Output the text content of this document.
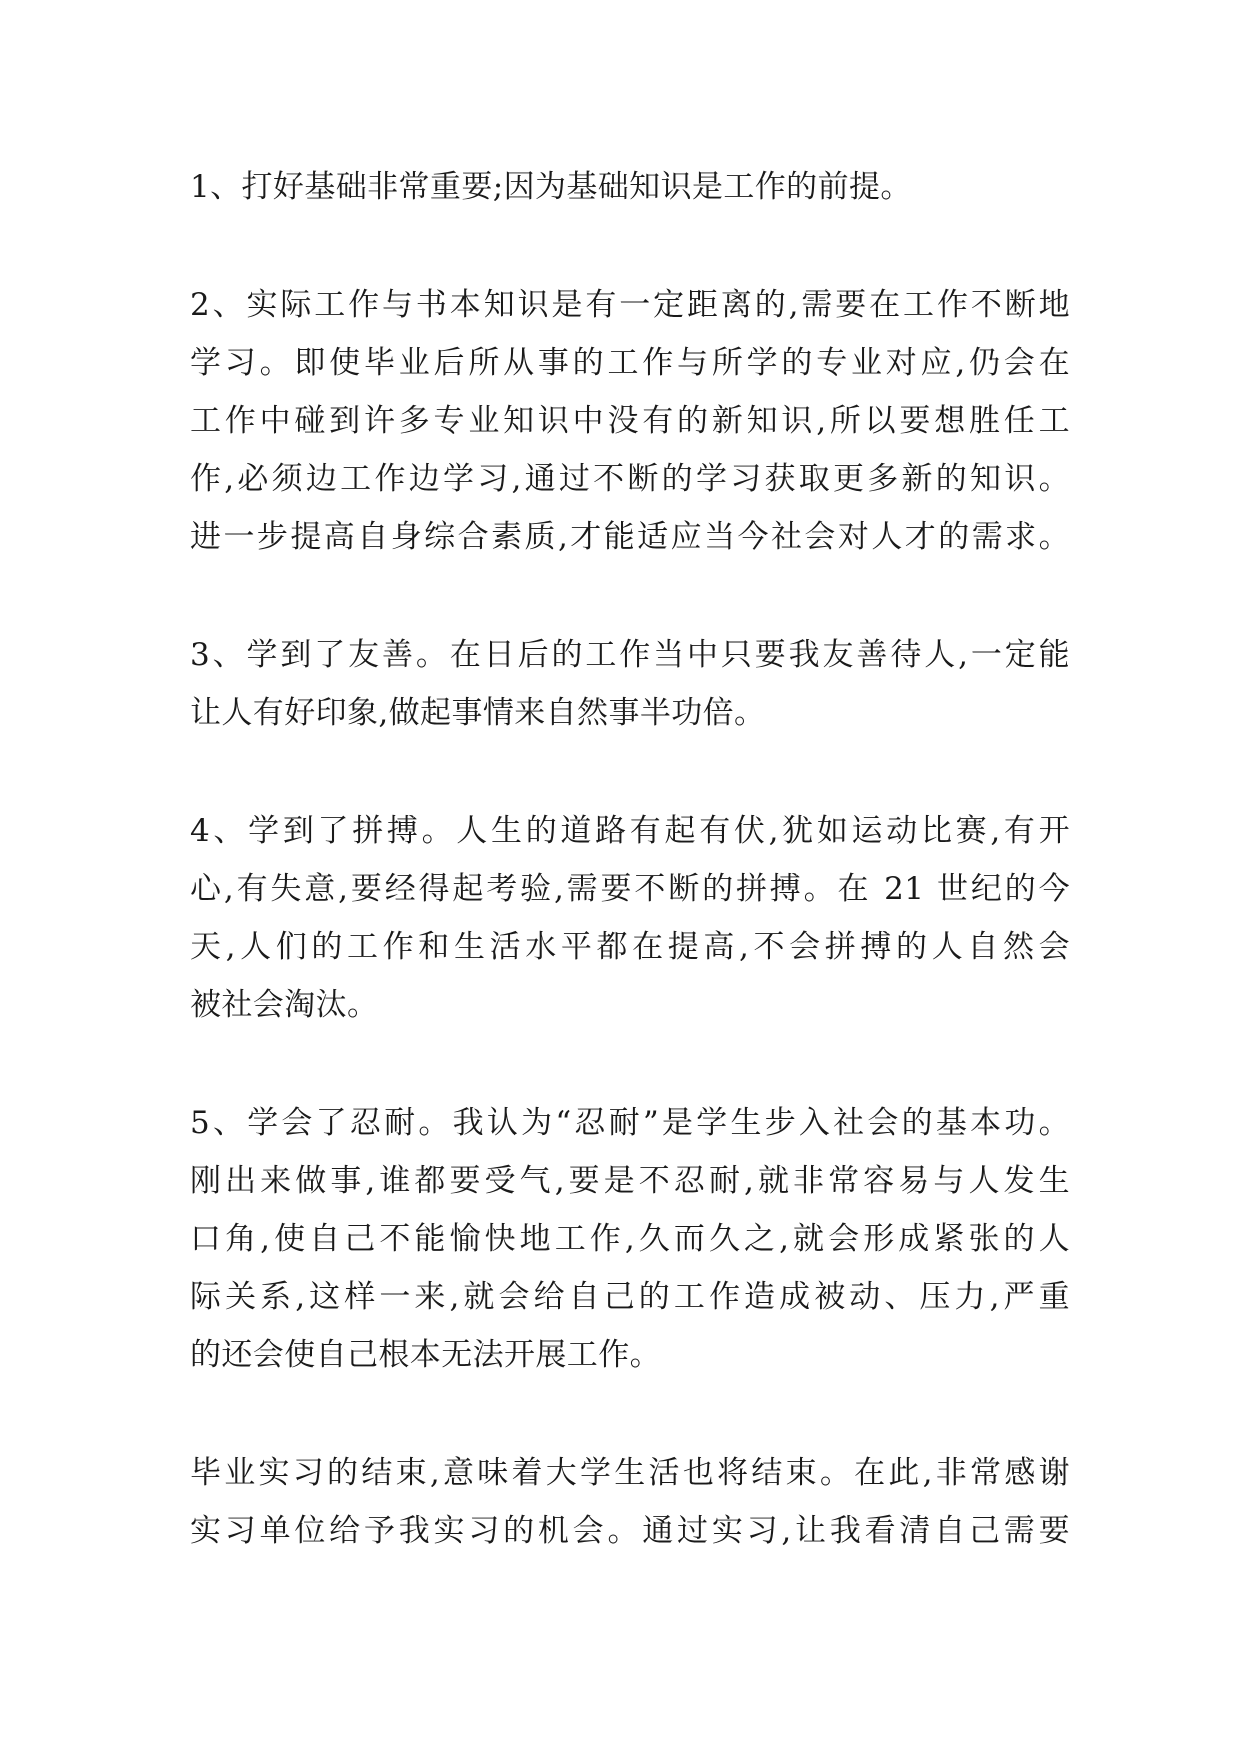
1、打好基础非常重要;因为基础知识是工作的前提。
2、实际工作与书本知识是有一定距离的,需要在工作不断地
学习。即使毕业后所从事的工作与所学的专业对应,仍会在
工作中碰到许多专业知识中没有的新知识,所以要想胜任工
作,必须边工作边学习,通过不断的学习获取更多新的知识。
进一步提高自身综合素质,才能适应当今社会对人才的需求。
3、学到了友善。在日后的工作当中只要我友善待人,一定能
让人有好印象,做起事情来自然事半功倍。
4、学到了拼搏。人生的道路有起有伏,犹如运动比赛,有开
心,有失意,要经得起考验,需要不断的拼搏。在 21 世纪的今
天,人们的工作和生活水平都在提高,不会拼搏的人自然会
被社会淘汰。
5、学会了忍耐。我认为“忍耐”是学生步入社会的基本功。
刚出来做事,谁都要受气,要是不忍耐,就非常容易与人发生
口角,使自己不能愉快地工作,久而久之,就会形成紧张的人
际关系,这样一来,就会给自己的工作造成被动、压力,严重
的还会使自己根本无法开展工作。
毕业实习的结束,意味着大学生活也将结束。在此,非常感谢
实习单位给予我实习的机会。通过实习,让我看清自己需要
